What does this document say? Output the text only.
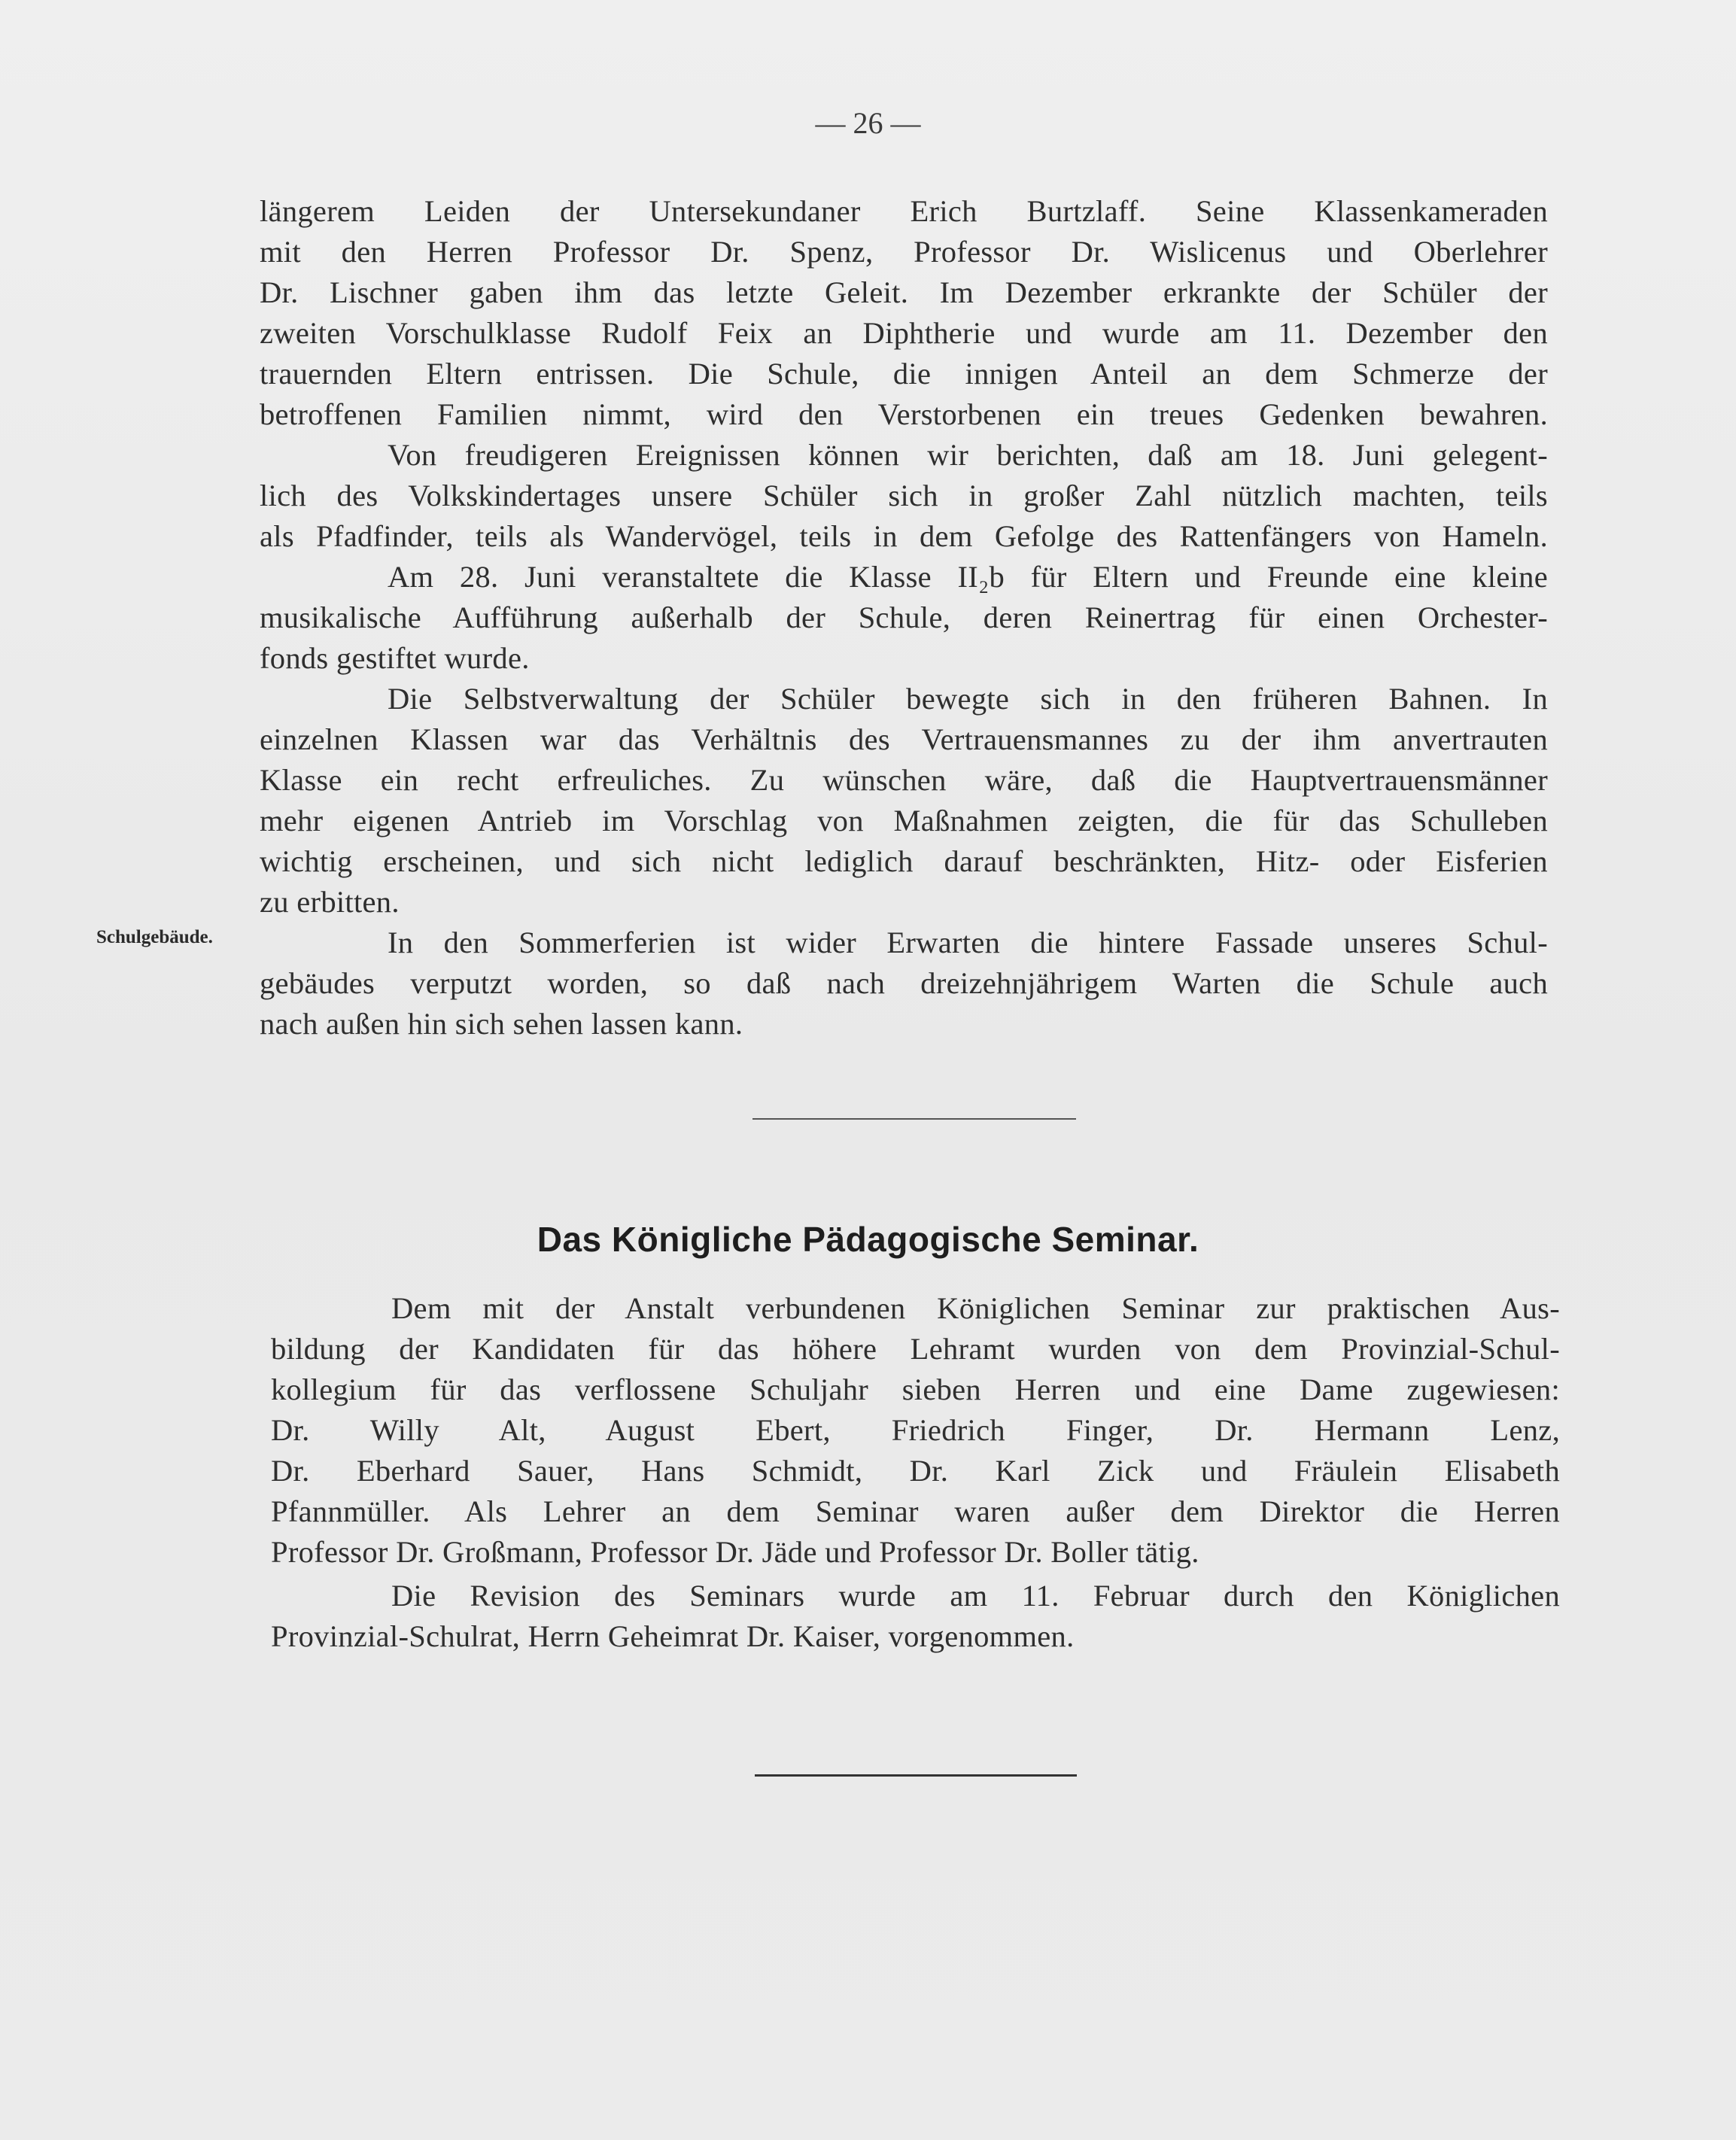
— 26 —
längerem Leiden der Untersekundaner Erich Burtzlaff. Seine Klassenkameraden
mit den Herren Professor Dr. Spenz, Professor Dr. Wislicenus und Oberlehrer
Dr. Lischner gaben ihm das letzte Geleit. Im Dezember erkrankte der Schüler der
zweiten Vorschulklasse Rudolf Feix an Diphtherie und wurde am 11. Dezember den
trauernden Eltern entrissen. Die Schule, die innigen Anteil an dem Schmerze der
betroffenen Familien nimmt, wird den Verstorbenen ein treues Gedenken bewahren.
Von freudigeren Ereignissen können wir berichten, daß am 18. Juni gelegent-
lich des Volkskindertages unsere Schüler sich in großer Zahl nützlich machten, teils
als Pfadfinder, teils als Wandervögel, teils in dem Gefolge des Rattenfängers von Hameln.
Am 28. Juni veranstaltete die Klasse II₂b für Eltern und Freunde eine kleine
musikalische Aufführung außerhalb der Schule, deren Reinertrag für einen Orchester-
fonds gestiftet wurde.
Die Selbstverwaltung der Schüler bewegte sich in den früheren Bahnen. In
einzelnen Klassen war das Verhältnis des Vertrauensmannes zu der ihm anvertrauten
Klasse ein recht erfreuliches. Zu wünschen wäre, daß die Hauptvertrauensmänner
mehr eigenen Antrieb im Vorschlag von Maßnahmen zeigten, die für das Schulleben
wichtig erscheinen, und sich nicht lediglich darauf beschränkten, Hitz- oder Eisferien
zu erbitten.
Schulgebäude.	In den Sommerferien ist wider Erwarten die hintere Fassade unseres Schul-
gebäudes verputzt worden, so daß nach dreizehnjährigem Warten die Schule auch
nach außen hin sich sehen lassen kann.
Das Königliche Pädagogische Seminar.
Dem mit der Anstalt verbundenen Königlichen Seminar zur praktischen Aus-
bildung der Kandidaten für das höhere Lehramt wurden von dem Provinzial-Schul-
kollegium für das verflossene Schuljahr sieben Herren und eine Dame zugewiesen:
Dr. Willy Alt, August Ebert, Friedrich Finger, Dr. Hermann Lenz,
Dr. Eberhard Sauer, Hans Schmidt, Dr. Karl Zick und Fräulein Elisabeth
Pfannmüller. Als Lehrer an dem Seminar waren außer dem Direktor die Herren
Professor Dr. Großmann, Professor Dr. Jäde und Professor Dr. Boller tätig.
Die Revision des Seminars wurde am 11. Februar durch den Königlichen
Provinzial-Schulrat, Herrn Geheimrat Dr. Kaiser, vorgenommen.
